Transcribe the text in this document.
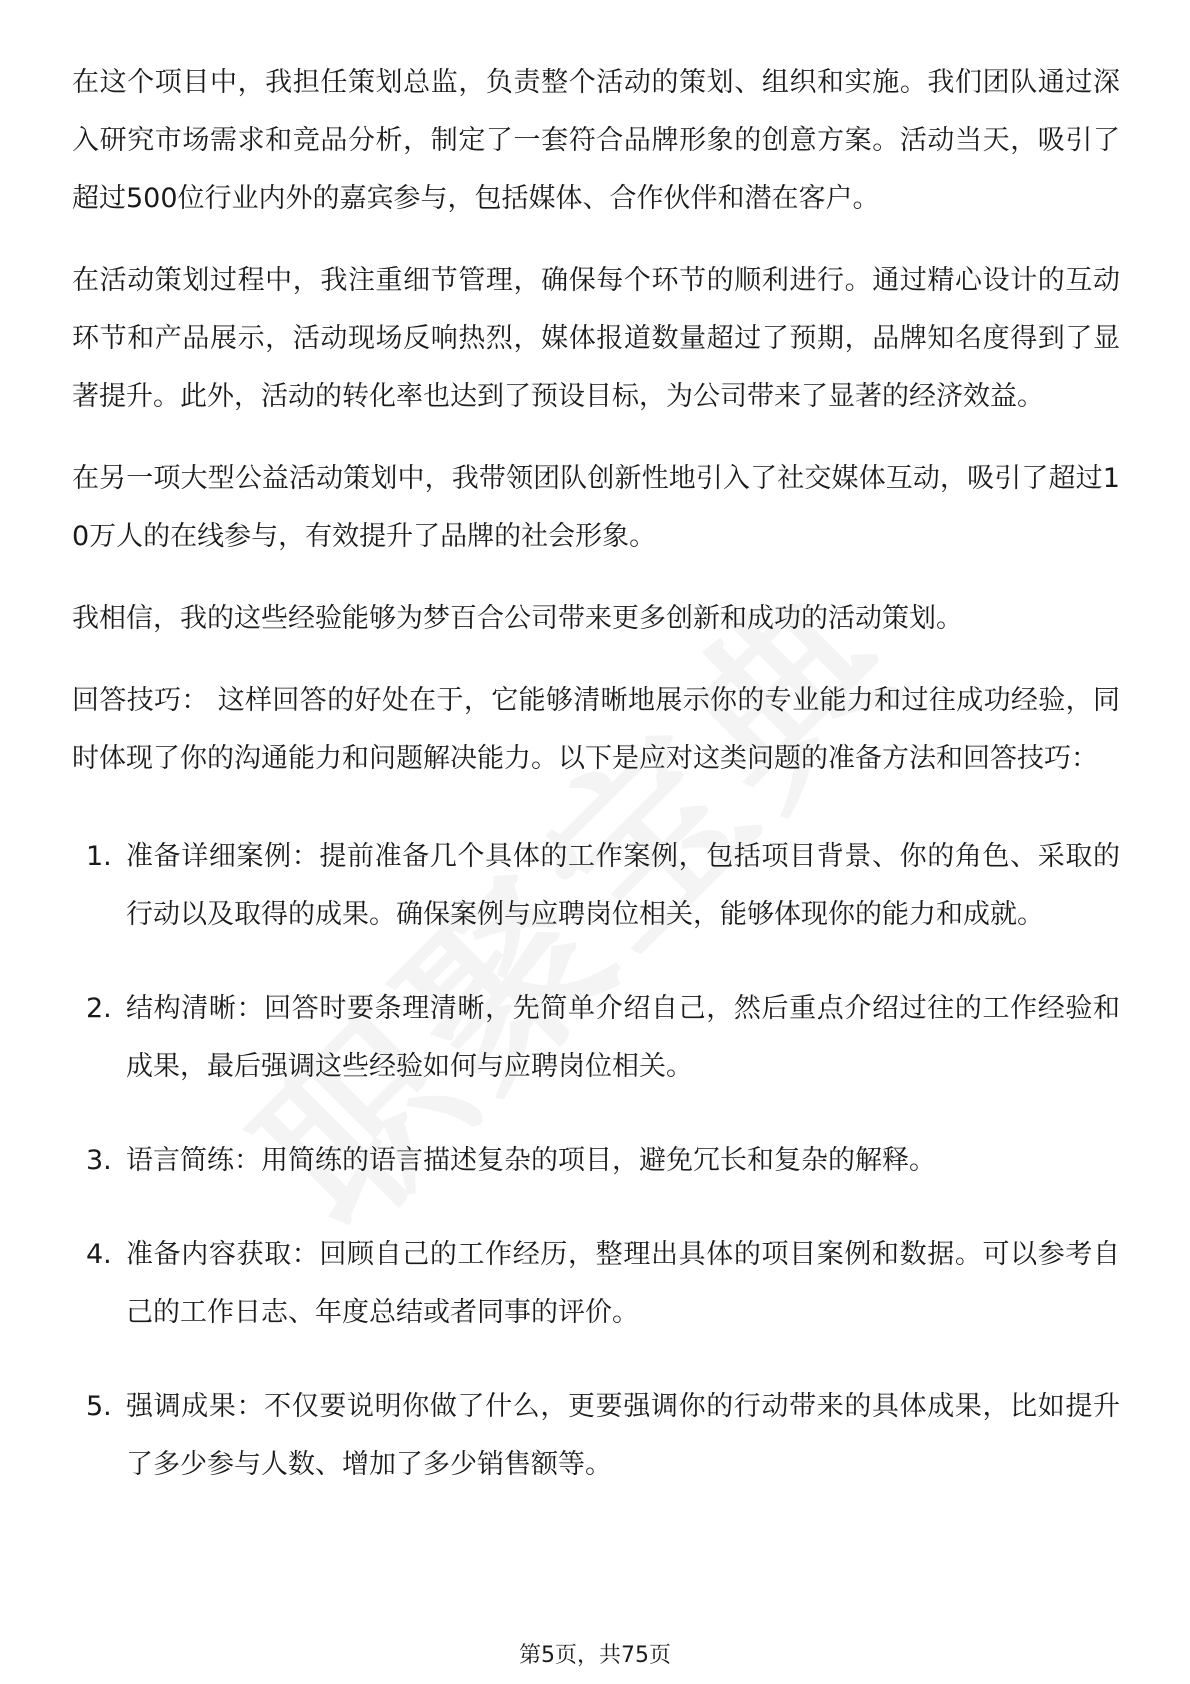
在这个项目中，我担任策划总监，负责整个活动的策划、组织和实施。我们团队通过深入研究市场需求和竞品分析，制定了一套符合品牌形象的创意方案。活动当天，吸引了超过500位行业内外的嘉宾参与，包括媒体、合作伙伴和潜在客户。

在活动策划过程中，我注重细节管理，确保每个环节的顺利进行。通过精心设计的互动环节和产品展示，活动现场反响热烈，媒体报道数量超过了预期，品牌知名度得到了显著提升。此外，活动的转化率也达到了预设目标，为公司带来了显著的经济效益。

在另一项大型公益活动策划中，我带领团队创新性地引入了社交媒体互动，吸引了超过10万人的在线参与，有效提升了品牌的社会形象。

我相信，我的这些经验能够为梦百合公司带来更多创新和成功的活动策划。

回答技巧： 这样回答的好处在于，它能够清晰地展示你的专业能力和过往成功经验，同时体现了你的沟通能力和问题解决能力。以下是应对这类问题的准备方法和回答技巧：

1. 准备详细案例：提前准备几个具体的工作案例，包括项目背景、你的角色、采取的行动以及取得的成果。确保案例与应聘岗位相关，能够体现你的能力和成就。
2. 结构清晰：回答时要条理清晰，先简单介绍自己，然后重点介绍过往的工作经验和成果，最后强调这些经验如何与应聘岗位相关。
3. 语言简练：用简练的语言描述复杂的项目，避免冗长和复杂的解释。
4. 准备内容获取：回顾自己的工作经历，整理出具体的项目案例和数据。可以参考自己的工作日志、年度总结或者同事的评价。
5. 强调成果：不仅要说明你做了什么，更要强调你的行动带来的具体成果，比如提升了多少参与人数、增加了多少销售额等。
第5页，共75页
